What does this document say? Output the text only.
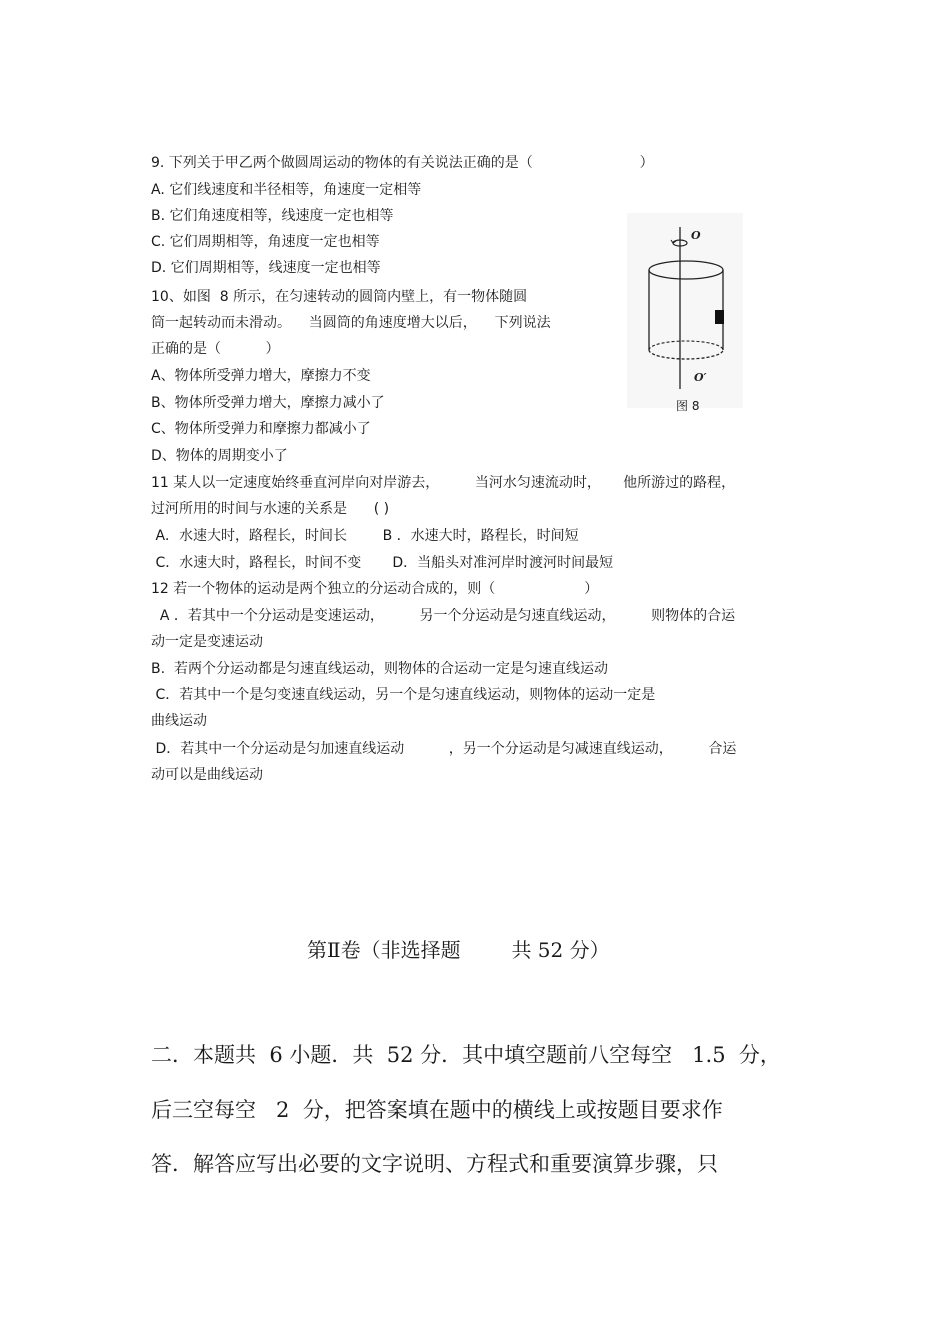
9. 下列关于甲乙两个做圆周运动的物体的有关说法正确的是（                        ）
A. 它们线速度和半径相等，角速度一定相等
B. 它们角速度相等，线速度一定也相等
C. 它们周期相等，角速度一定也相等
D. 它们周期相等，线速度一定也相等
10、如图  8 所示，在匀速转动的圆筒内壁上，有一物体随圆
筒一起转动而未滑动。    当圆筒的角速度增大以后，    下列说法
正确的是（          ）
A、物体所受弹力增大，摩擦力不变
B、物体所受弹力增大，摩擦力减小了
C、物体所受弹力和摩擦力都减小了
D、物体的周期变小了
O
O′
图 8
11 某人以一定速度始终垂直河岸向对岸游去，        当河水匀速流动时，     他所游过的路程，
过河所用的时间与水速的关系是      ( )
A．水速大时，路程长，时间长        B ．水速大时，路程长，时间短
C．水速大时，路程长，时间不变       D．当船头对准河岸时渡河时间最短
12 若一个物体的运动是两个独立的分运动合成的，则（                    ）
A ．若其中一个分运动是变速运动，        另一个分运动是匀速直线运动，        则物体的合运
动一定是变速运动
B.  若两个分运动都是匀速直线运动，则物体的合运动一定是匀速直线运动
C．若其中一个是匀变速直线运动，另一个是匀速直线运动，则物体的运动一定是
曲线运动
D．若其中一个分运动是匀加速直线运动          ，另一个分运动是匀减速直线运动，        合运
动可以是曲线运动
第Ⅱ卷（非选择题        共 52 分）
二．本题共  6 小题．共  52 分．其中填空题前八空每空   1.5  分，
后三空每空   2  分，把答案填在题中的横线上或按题目要求作
答．解答应写出必要的文字说明、方程式和重要演算步骤，只
